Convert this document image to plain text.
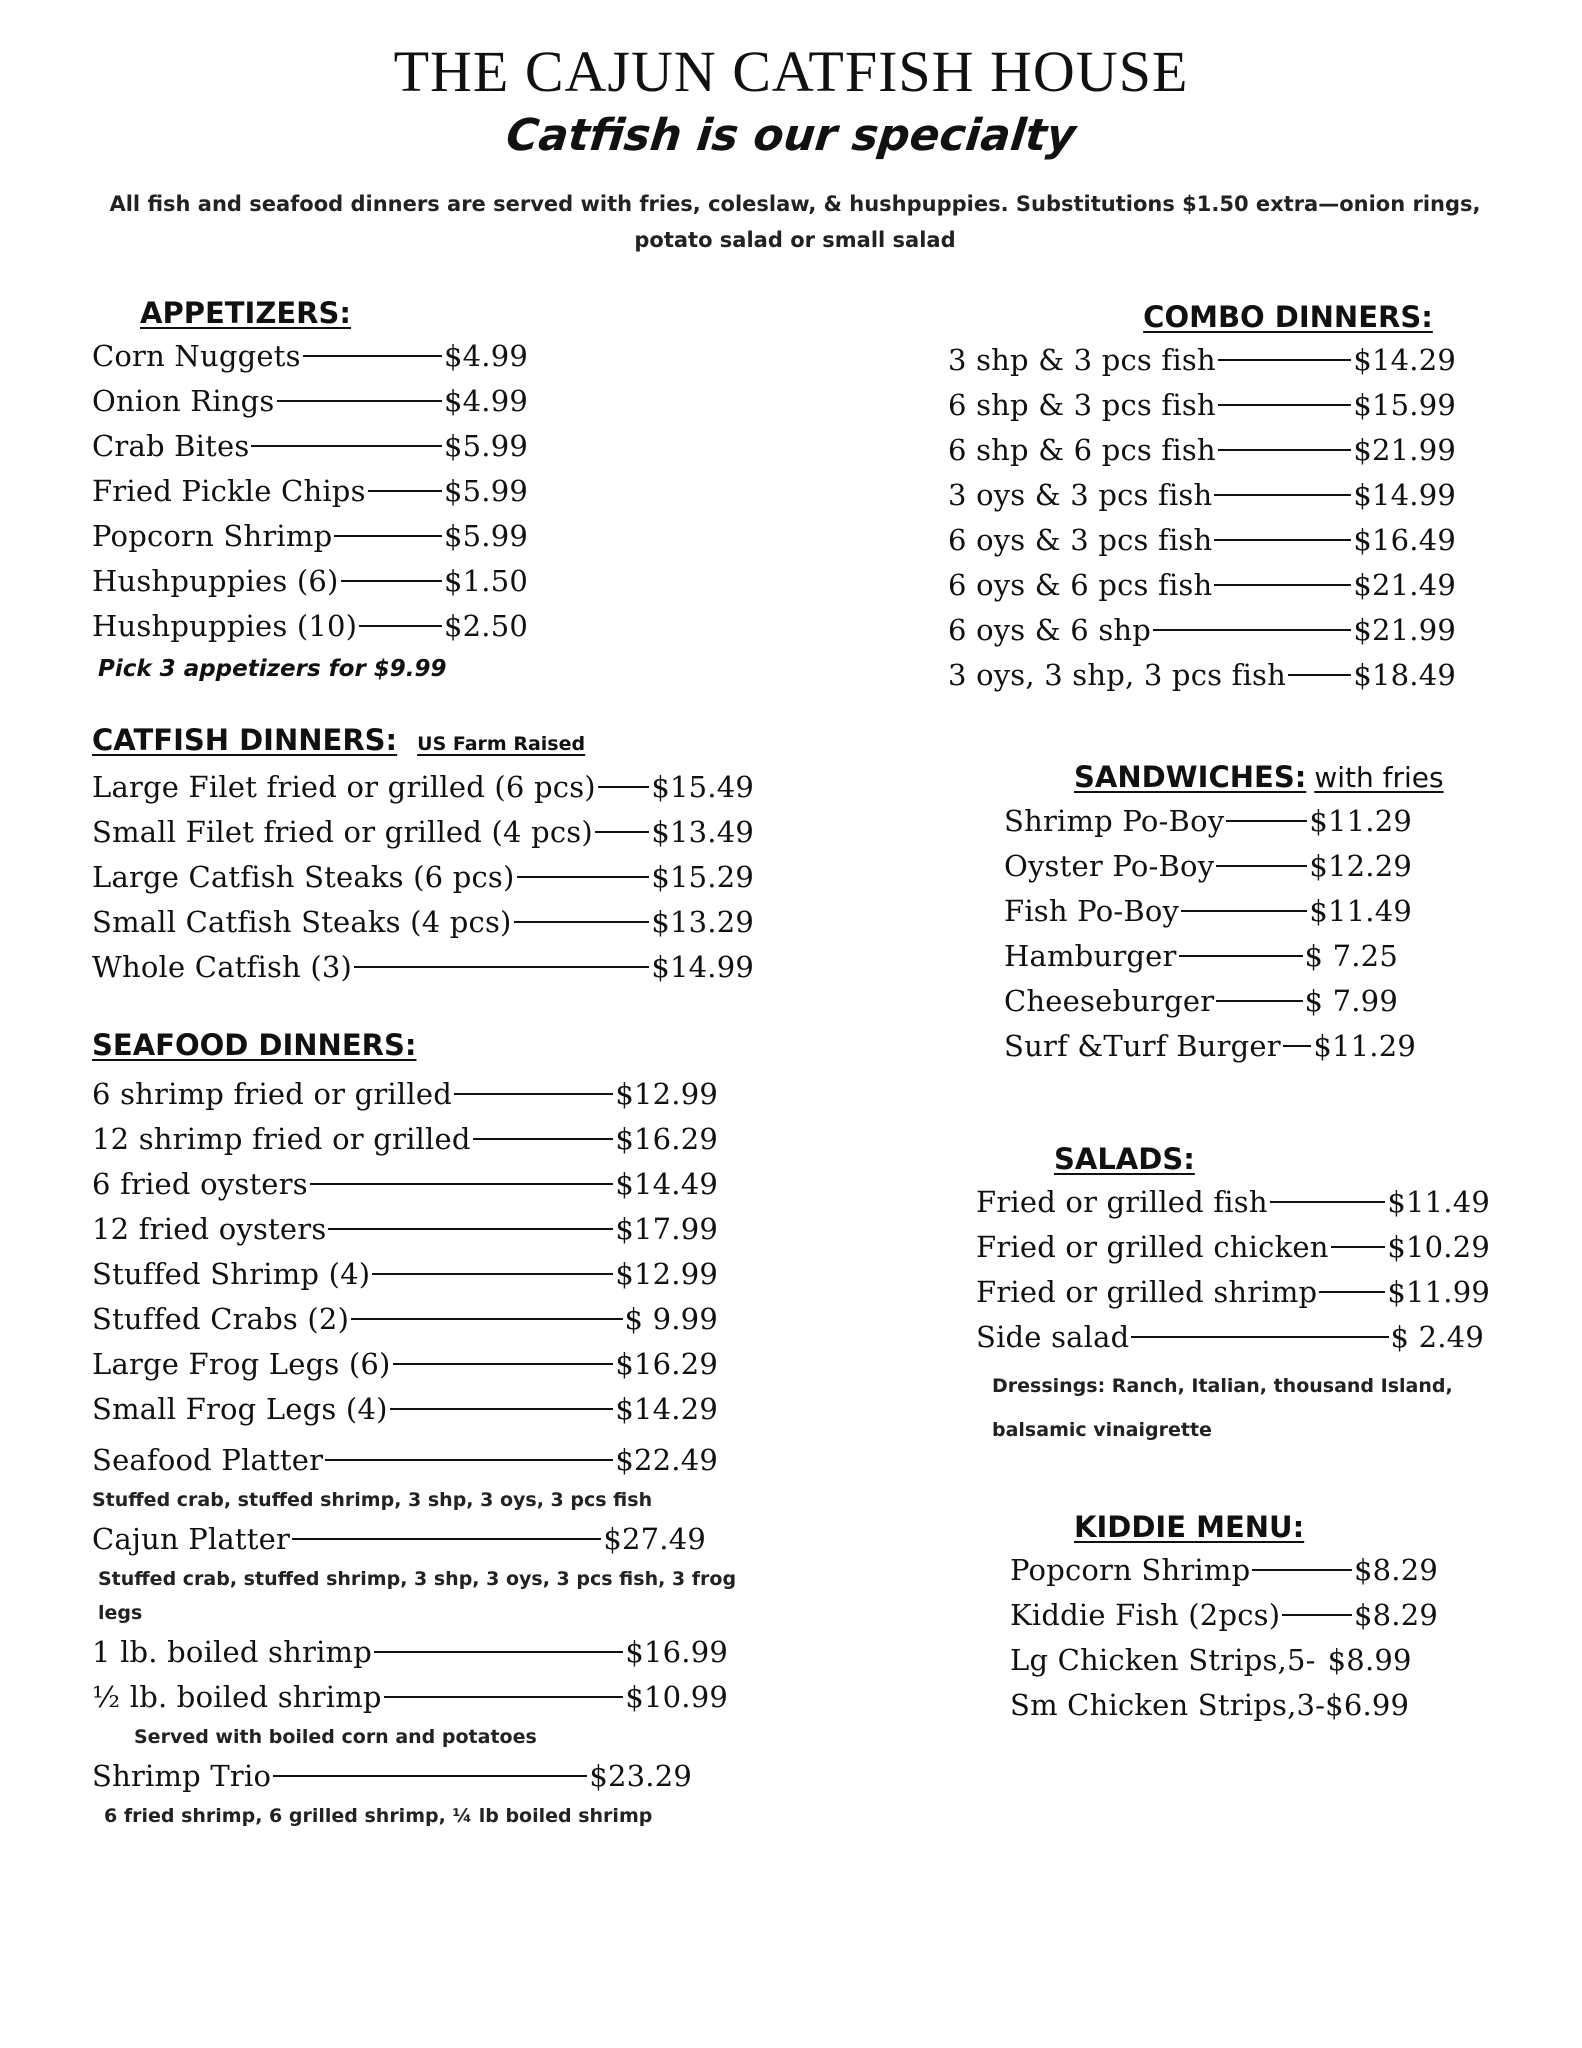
THE CAJUN CATFISH HOUSE
Catfish is our specialty
All fish and seafood dinners are served with fries, coleslaw, & hushpuppies. Substitutions $1.50 extra—onion rings,
potato salad or small salad
APPETIZERS:
Corn Nuggets	$4.99
Onion Rings	$4.99
Crab Bites	$5.99
Fried Pickle Chips	$5.99
Popcorn Shrimp	$5.99
Hushpuppies (6)	$1.50
Hushpuppies (10)	$2.50
Pick 3 appetizers for $9.99
CATFISH DINNERS: US Farm Raised
Large Filet fried or grilled (6 pcs) $15.49
Small Filet fried or grilled (4 pcs) $13.49
Large Catfish Steaks (6 pcs)	$15.29
Small Catfish Steaks (4 pcs)	$13.29
Whole Catfish (3)	$14.99
SEAFOOD DINNERS:
6 shrimp fried or grilled	$12.99
12 shrimp fried or grilled	$16.29
6 fried oysters	$14.49
12 fried oysters	$17.99
Stuffed Shrimp (4)	$12.99
Stuffed Crabs (2)	$ 9.99
Large Frog Legs (6)	$16.29
Small Frog Legs (4)	$14.29
Seafood Platter	$22.49
Stuffed crab, stuffed shrimp, 3 shp, 3 oys, 3 pcs fish
Cajun Platter	$27.49
Stuffed crab, stuffed shrimp, 3 shp, 3 oys, 3 pcs fish, 3 frog legs
1 lb. boiled shrimp	$16.99
½ lb. boiled shrimp	$10.99
Served with boiled corn and potatoes
Shrimp Trio	$23.29
6 fried shrimp, 6 grilled shrimp, ¼ lb boiled shrimp
COMBO DINNERS:
3 shp & 3 pcs fish	$14.29
6 shp & 3 pcs fish	$15.99
6 shp & 6 pcs fish	$21.99
3 oys & 3 pcs fish	$14.99
6 oys & 3 pcs fish	$16.49
6 oys & 6 pcs fish	$21.49
6 oys & 6 shp	$21.99
3 oys, 3 shp, 3 pcs fish $18.49
SANDWICHES: with fries
Shrimp Po-Boy	$11.29
Oyster Po-Boy	$12.29
Fish Po-Boy	$11.49
Hamburger	$ 7.25
Cheeseburger	$ 7.99
Surf &Turf Burger $11.29
SALADS:
Fried or grilled fish	$11.49
Fried or grilled chicken $10.29
Fried or grilled shrimp $11.99
Side salad	$ 2.49
Dressings: Ranch, Italian, thousand Island,
balsamic vinaigrette
KIDDIE MENU:
Popcorn Shrimp	$8.29
Kiddie Fish (2pcs)	$8.29
Lg Chicken Strips,5- $8.99
Sm Chicken Strips,3- $6.99
